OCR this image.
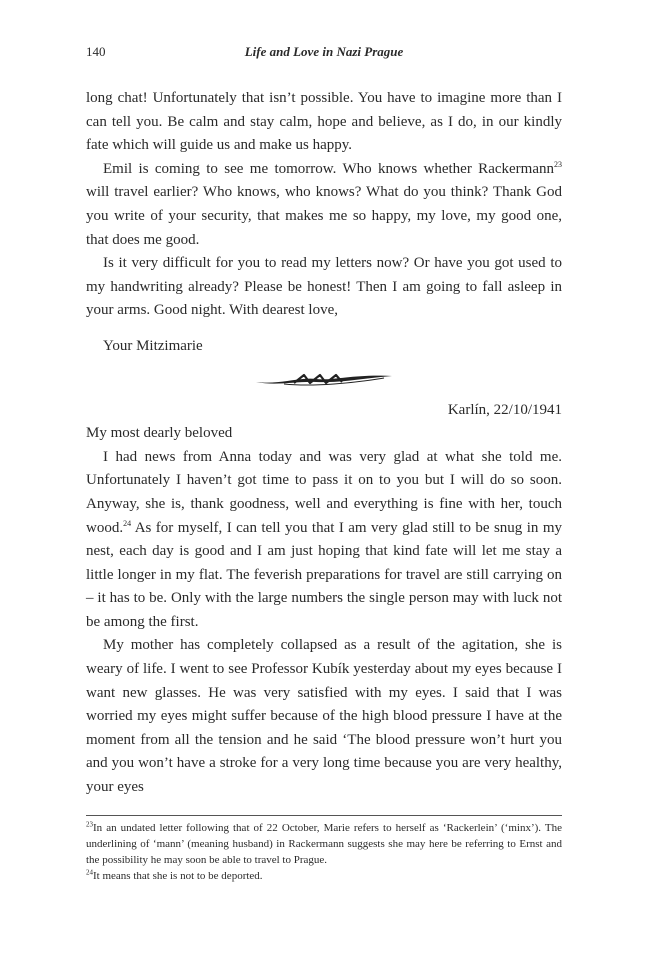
140	Life and Love in Nazi Prague

long chat! Unfortunately that isn’t possible. You have to imagine more than I can tell you. Be calm and stay calm, hope and believe, as I do, in our kindly fate which will guide us and make us happy.

Emil is coming to see me tomorrow. Who knows whether Rackermann$^{23}$ will travel earlier? Who knows, who knows? What do you think? Thank God you write of your security, that makes me so happy, my love, my good one, that does me good.

Is it very difficult for you to read my letters now? Or have you got used to my handwriting already? Please be honest! Then I am going to fall asleep in your arms. Good night. With dearest love,

Your Mitzimarie

Karlín, 22/10/1941

My most dearly beloved

I had news from Anna today and was very glad at what she told me. Unfortunately I haven’t got time to pass it on to you but I will do so soon. Anyway, she is, thank goodness, well and everything is fine with her, touch wood.$^{24}$ As for myself, I can tell you that I am very glad still to be snug in my nest, each day is good and I am just hoping that kind fate will let me stay a little longer in my flat. The feverish preparations for travel are still carrying on – it has to be. Only with the large numbers the single person may with luck not be among the first.

My mother has completely collapsed as a result of the agitation, she is weary of life. I went to see Professor Kubík yesterday about my eyes because I want new glasses. He was very satisfied with my eyes. I said that I was worried my eyes might suffer because of the high blood pressure I have at the moment from all the tension and he said ‘The blood pressure won’t hurt you and you won’t have a stroke for a very long time because you are very healthy, your eyes

$^{23}$In an undated letter following that of 22 October, Marie refers to herself as ‘Rackerlein’ (‘minx’). The underlining of ‘mann’ (meaning husband) in Rackermann suggests she may here be referring to Ernst and the possibility he may soon be able to travel to Prague.

$^{24}$It means that she is not to be deported.
